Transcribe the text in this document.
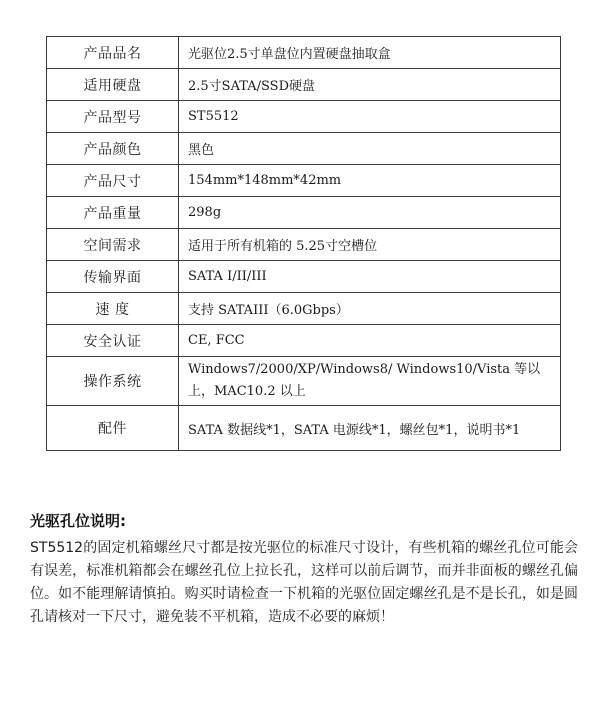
产品品名	光驱位2.5寸单盘位内置硬盘抽取盒
适用硬盘	2.5寸SATA/SSD硬盘
产品型号	ST5512
产品颜色	黑色
产品尺寸	154mm*148mm*42mm
产品重量	298g
空间需求	适用于所有机箱的 5.25寸空槽位
传输界面	SATA I/II/III
速 度	支持 SATAIII（6.0Gbps）
安全认证	CE, FCC
操作系统	Windows7/2000/XP/Windows8/ Windows10/Vista 等以上，MAC10.2 以上
配件	SATA 数据线*1，SATA 电源线*1，螺丝包*1，说明书*1

光驱孔位说明:

ST5512的固定机箱螺丝尺寸都是按光驱位的标准尺寸设计，有些机箱的螺丝孔位可能会有误差，标准机箱都会在螺丝孔位上拉长孔，这样可以前后调节，而并非面板的螺丝孔偏位。如不能理解请慎拍。购买时请检查一下机箱的光驱位固定螺丝孔是不是长孔，如是圆孔请核对一下尺寸，避免装不平机箱，造成不必要的麻烦！
